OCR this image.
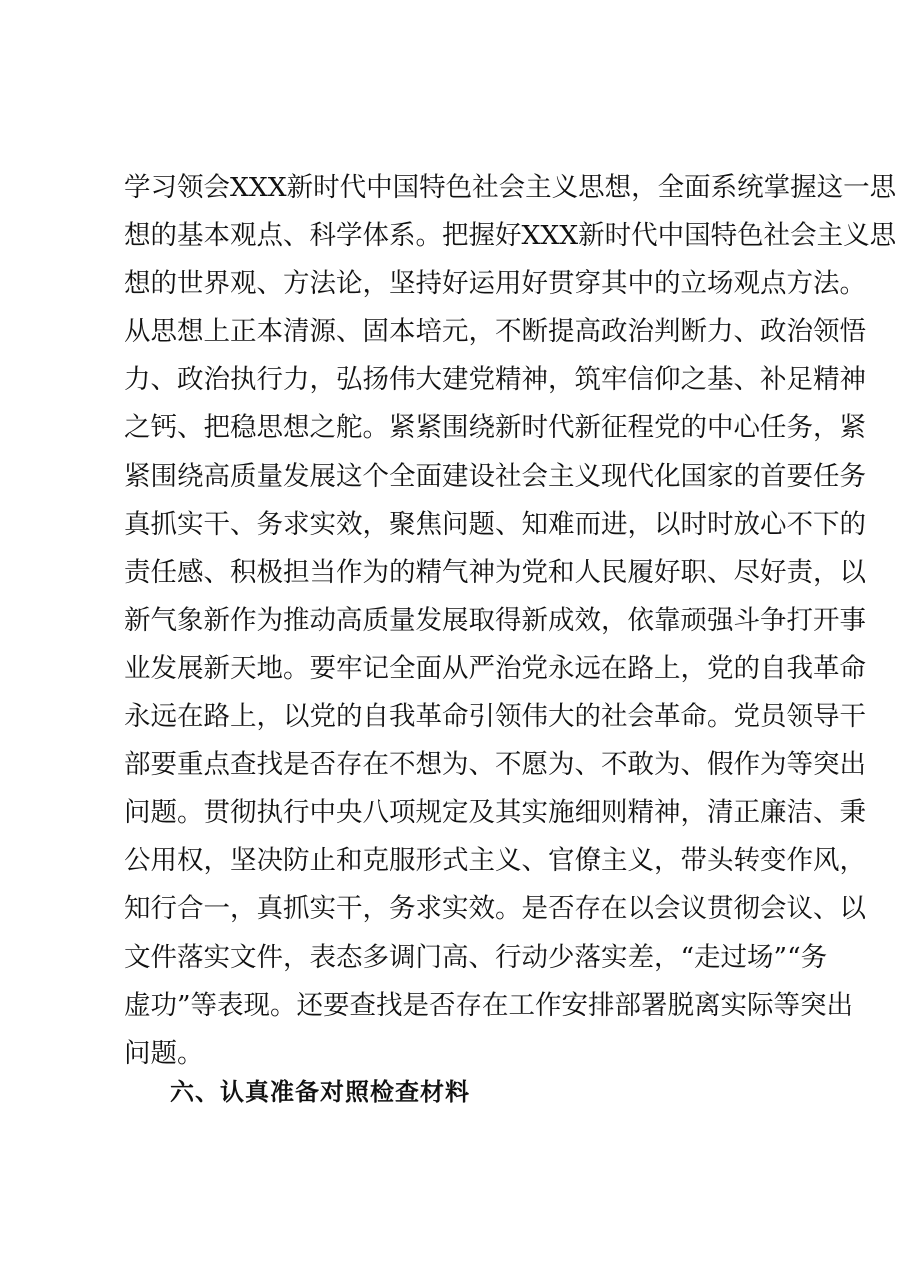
学习领会XXX新时代中国特色社会主义思想，全面系统掌握这一思
想的基本观点、科学体系。把握好XXX新时代中国特色社会主义思
想的世界观、方法论，坚持好运用好贯穿其中的立场观点方法。
从思想上正本清源、固本培元，不断提高政治判断力、政治领悟
力、政治执行力，弘扬伟大建党精神，筑牢信仰之基、补足精神
之钙、把稳思想之舵。紧紧围绕新时代新征程党的中心任务，紧
紧围绕高质量发展这个全面建设社会主义现代化国家的首要任务
真抓实干、务求实效，聚焦问题、知难而进，以时时放心不下的
责任感、积极担当作为的精气神为党和人民履好职、尽好责，以
新气象新作为推动高质量发展取得新成效，依靠顽强斗争打开事
业发展新天地。要牢记全面从严治党永远在路上，党的自我革命
永远在路上，以党的自我革命引领伟大的社会革命。党员领导干
部要重点查找是否存在不想为、不愿为、不敢为、假作为等突出
问题。贯彻执行中央八项规定及其实施细则精神，清正廉洁、秉
公用权，坚决防止和克服形式主义、官僚主义，带头转变作风，
知行合一，真抓实干，务求实效。是否存在以会议贯彻会议、以
文件落实文件，表态多调门高、行动少落实差，“走过场”“务
虚功”等表现。还要查找是否存在工作安排部署脱离实际等突出
问题。
六、认真准备对照检查材料
